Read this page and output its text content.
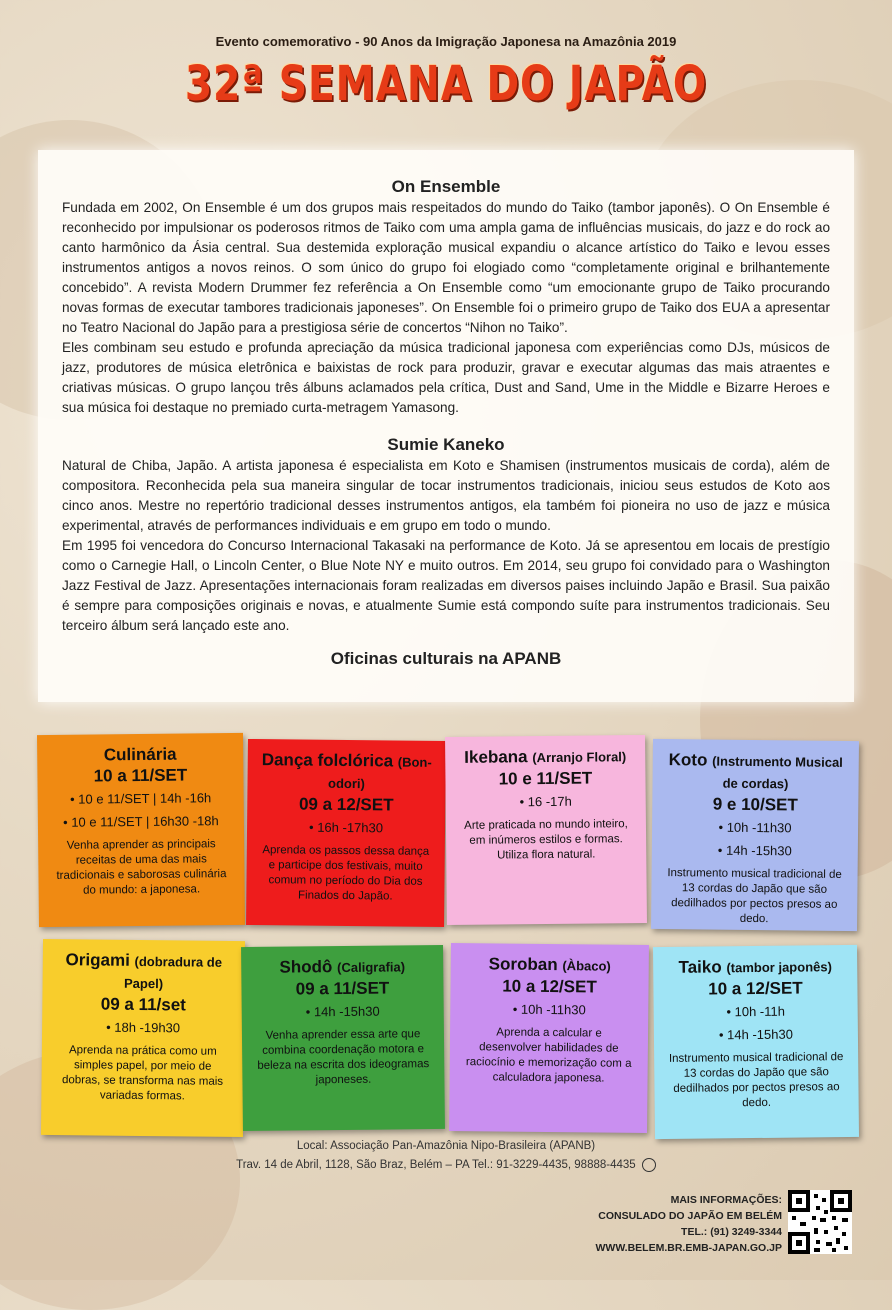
Evento comemorativo - 90 Anos da Imigração Japonesa na Amazônia 2019
32ª SEMANA DO JAPÃO
On Ensemble

Fundada em 2002, On Ensemble é um dos grupos mais respeitados do mundo do Taiko (tambor japonês). O On Ensemble é reconhecido por impulsionar os poderosos ritmos de Taiko com uma ampla gama de influências musicais, do jazz e do rock ao canto harmônico da Ásia central. Sua destemida exploração musical expandiu o alcance artístico do Taiko e levou esses instrumentos antigos a novos reinos. O som único do grupo foi elogiado como “completamente original e brilhantemente concebido”. A revista Modern Drummer fez referência a On Ensemble como “um emocionante grupo de Taiko procurando novas formas de executar tambores tradicionais japoneses”. On Ensemble foi o primeiro grupo de Taiko dos EUA a apresentar no Teatro Nacional do Japão para a prestigiosa série de concertos “Nihon no Taiko”.

Eles combinam seu estudo e profunda apreciação da música tradicional japonesa com experiências como DJs, músicos de jazz, produtores de música eletrônica e baixistas de rock para produzir, gravar e executar algumas das mais atraentes e criativas músicas. O grupo lançou três álbuns aclamados pela crítica, Dust and Sand, Ume in the Middle e Bizarre Heroes e sua música foi destaque no premiado curta-metragem Yamasong.

Sumie Kaneko

Natural de Chiba, Japão. A artista japonesa é especialista em Koto e Shamisen (instrumentos musicais de corda), além de compositora. Reconhecida pela sua maneira singular de tocar instrumentos tradicionais, iniciou seus estudos de Koto aos cinco anos. Mestre no repertório tradicional desses instrumentos antigos, ela também foi pioneira no uso de jazz e música experimental, através de performances individuais e em grupo em todo o mundo.

Em 1995 foi vencedora do Concurso Internacional Takasaki na performance de Koto. Já se apresentou em locais de prestígio como o Carnegie Hall, o Lincoln Center, o Blue Note NY e muito outros. Em 2014, seu grupo foi convidado para o Washington Jazz Festival de Jazz. Apresentações internacionais foram realizadas em diversos paises incluindo Japão e Brasil. Sua paixão é sempre para composições originais e novas, e atualmente Sumie está compondo suíte para instrumentos tradicionais. Seu terceiro álbum será lançado este ano.

Oficinas culturais na APANB
Culinária
10 a 11/SET
• 10 e 11/SET | 14h -16h
• 10 e 11/SET | 16h30 -18h
Venha aprender as principais receitas de uma das mais tradicionais e saborosas culinária do mundo: a japonesa.
Dança folclórica (Bon-odori)
09 a 12/SET
• 16h -17h30
Aprenda os passos dessa dança e participe dos festivais, muito comum no período do Dia dos Finados do Japão.
Ikebana (Arranjo Floral)
10 e 11/SET
• 16 -17h
Arte praticada no mundo inteiro, em inúmeros estilos e formas. Utiliza flora natural.
Koto (Instrumento Musical de cordas)
9 e 10/SET
• 10h -11h30
• 14h -15h30
Instrumento musical tradicional de 13 cordas do Japão que são dedilhados por pectos presos ao dedo.
Origami (dobradura de Papel)
09 a 11/set
• 18h -19h30
Aprenda na prática como um simples papel, por meio de dobras, se transforma nas mais variadas formas.
Shodô (Caligrafia)
09 a 11/SET
• 14h -15h30
Venha aprender essa arte que combina coordenação motora e beleza na escrita dos ideogramas japoneses.
Soroban (Àbaco)
10 a 12/SET
• 10h -11h30
Aprenda a calcular e desenvolver habilidades de raciocínio e memorização com a calculadora japonesa.
Taiko (tambor japonês)
10 a 12/SET
• 10h -11h
• 14h -15h30
Instrumento musical tradicional de 13 cordas do Japão que são dedilhados por pectos presos ao dedo.
Local: Associação Pan-Amazônia Nipo-Brasileira (APANB)
Trav. 14 de Abril, 1128, São Braz, Belém – PA Tel.: 91-3229-4435, 98888-4435
MAIS INFORMAÇÕES:
CONSULADO DO JAPÃO EM BELÉM
TEL.: (91) 3249-3344
WWW.BELEM.BR.EMB-JAPAN.GO.JP
